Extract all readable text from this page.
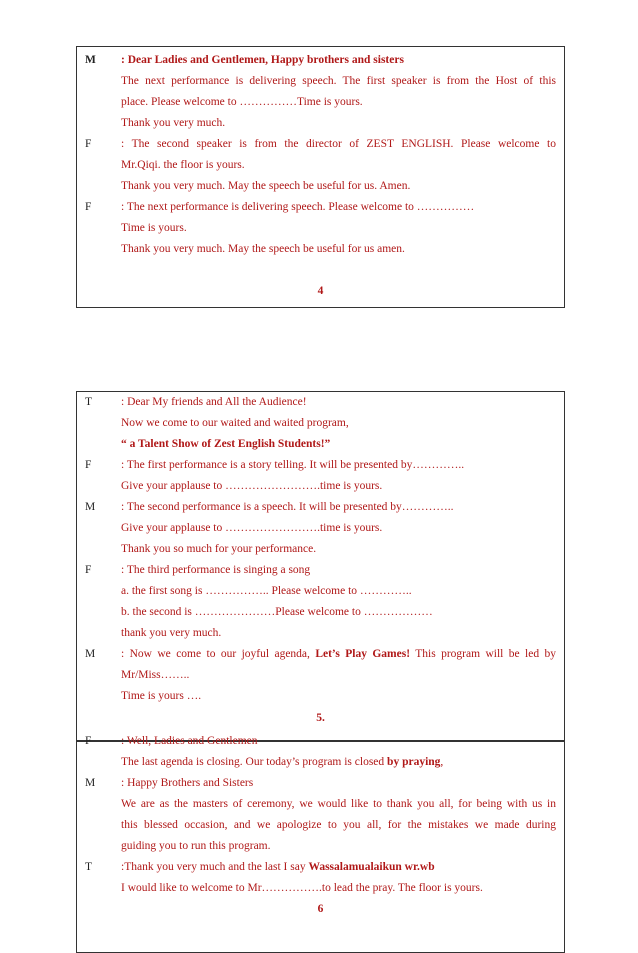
M : Dear Ladies and Gentlemen, Happy brothers and sisters
The next performance is delivering speech. The first speaker is from the Host of this
place. Please welcome to ……………Time is yours.
Thank you very much.
F	: The second speaker is from the director of ZEST ENGLISH. Please welcome to
Mr.Qiqi. the floor is yours.
Thank you very much. May the speech be useful for us. Amen.
F	: The next performance is delivering speech. Please welcome to ……………
Time is yours.
Thank you very much. May the speech be useful for us amen.
4
T	: Dear My friends and All the Audience!
Now we come to our waited and waited program,
“ a Talent Show of Zest English Students!”
F	: The first performance is a story telling. It will be presented by…………..
Give your applause to …………………….time is yours.
M : The second performance is a speech. It will be presented by…………..
Give your applause to …………………….time is yours.
Thank you so much for your performance.
F	: The third performance is singing a song
a. the first song is …………….. Please welcome to …………..
b. the second is …………………Please welcome to ………………
thank you very much.
M : Now we come to our joyful agenda, Let’s Play Games! This program will be led by
Mr/Miss……..
Time is yours ….
5.
F	: Well, Ladies and Gentlemen
The last agenda is closing. Our today’s program is closed by praying,
M : Happy Brothers and Sisters
We are as the masters of ceremony, we would like to thank you all, for being with us in
this blessed occasion, and we apologize to you all, for the mistakes we made during
guiding you to run this program.
T	:Thank you very much and the last I say Wassalamualaikun wr.wb
I would like to welcome to Mr…………….to lead the pray. The floor is yours.
6
